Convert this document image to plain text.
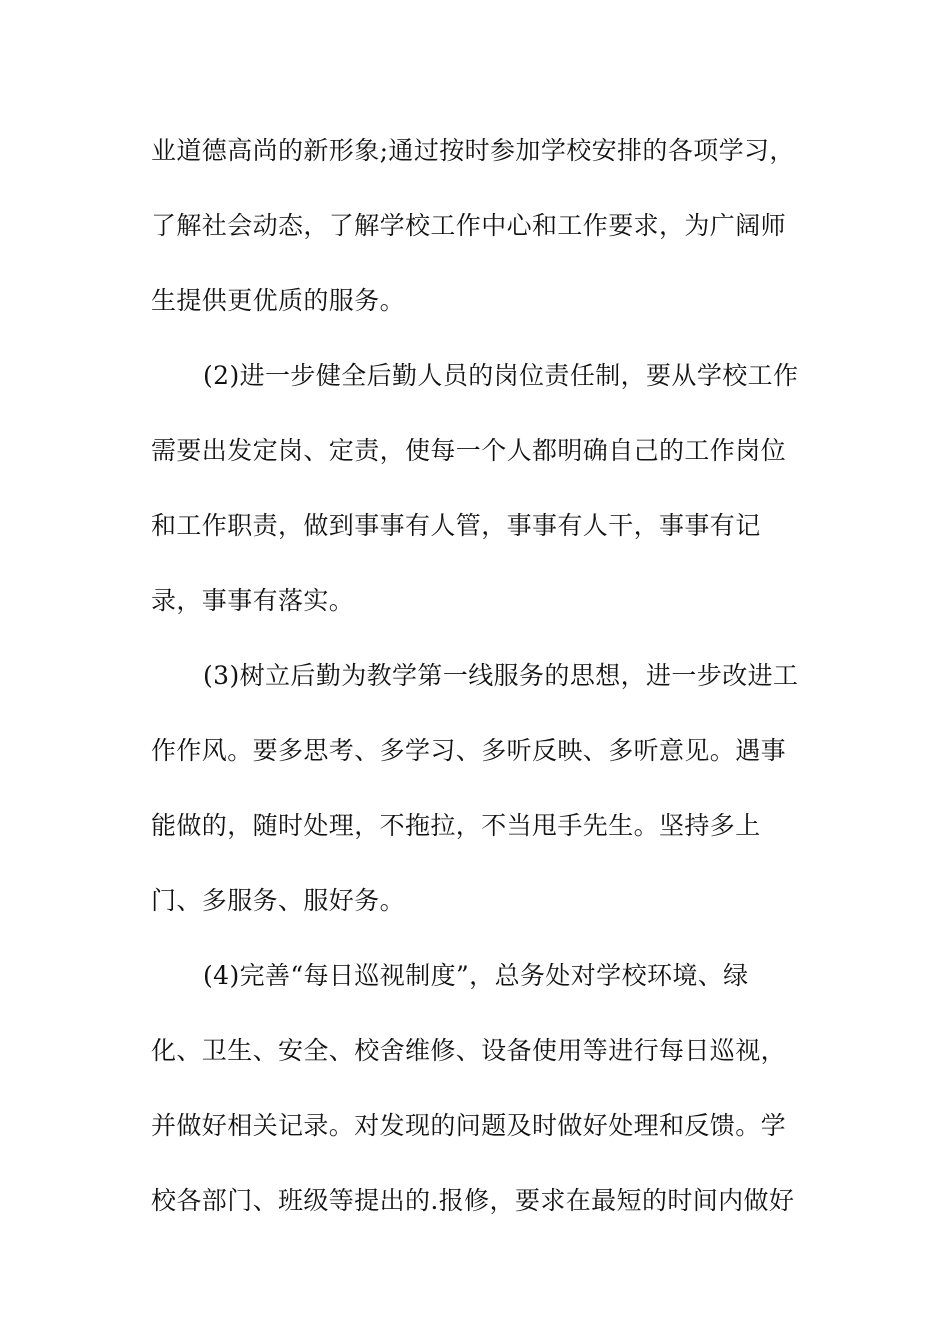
业道德高尚的新形象;通过按时参加学校安排的各项学习，
了解社会动态，了解学校工作中心和工作要求，为广阔师
生提供更优质的服务。
(2)进一步健全后勤人员的岗位责任制，要从学校工作
需要出发定岗、定责，使每一个人都明确自己的工作岗位
和工作职责，做到事事有人管，事事有人干，事事有记
录，事事有落实。
(3)树立后勤为教学第一线服务的思想，进一步改进工
作作风。要多思考、多学习、多听反映、多听意见。遇事
能做的，随时处理，不拖拉，不当甩手先生。坚持多上
门、多服务、服好务。
(4)完善“每日巡视制度”，总务处对学校环境、绿
化、卫生、安全、校舍维修、设备使用等进行每日巡视，
并做好相关记录。对发现的问题及时做好处理和反馈。学
校各部门、班级等提出的.报修，要求在最短的时间内做好
